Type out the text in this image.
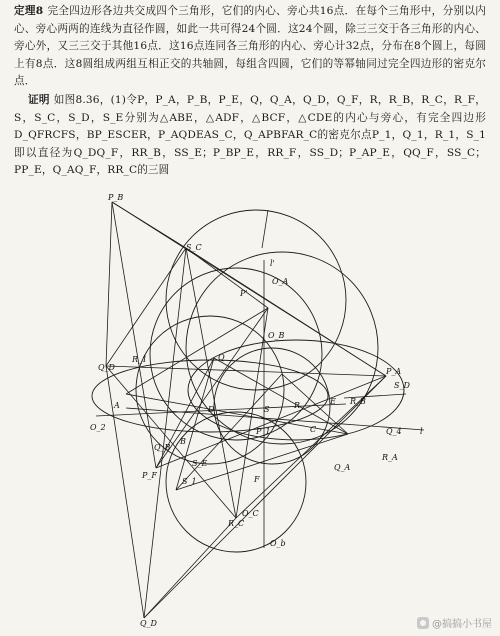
定理8 完全四边形各边共交成四个三角形，它们的内心、旁心共16点．在每个三角形中，分别以内心、旁心两两的连线为直径作圆，如此一共可得24个圆．这24个圆，除三三交于各三角形的内心、旁心外，又三三交于其他16点．这16点连同各三角形的内心、旁心计32点，分布在8个圆上，每圆上有8点．这8圆组成两组互相正交的共轴圆，每组含四圆，它们的等幂轴同过完全四边形的密克尔点．

证明 如图8.36，(1)令P，P_A，P_B，P_E，Q，Q_A，Q_D，Q_F，R，R_B，R_C，R_F，S，S_C，S_D，S_E分别为△ABE，△ADF，△BCF，△CDE的内心与旁心，有完全四边形D_QFRCFS，BP_ESCER，P_AQDEAS_C，Q_APBFAR_C的密克尔点P_1，Q_1，R_1，S_1即以直径为Q_DQ_F，RR_B，SS_E；P_BP_E，RR_F，SS_D；P_AP_E，QQ_F，SS_C；PP_E，Q_AQ_F，RR_C的三圆

P_B
S_C
l'
O_A
P'
O_B
R_1
Q_D
Q
A
O_2
D	S
P_1
E
R
C
R_B
P_A
S_D
Q_4 l
R_A
Q_A
B
Q_B
P_F
S_E
S_1	F
O_C
R_C
O_b
Q_D	@搞搞小书屋
